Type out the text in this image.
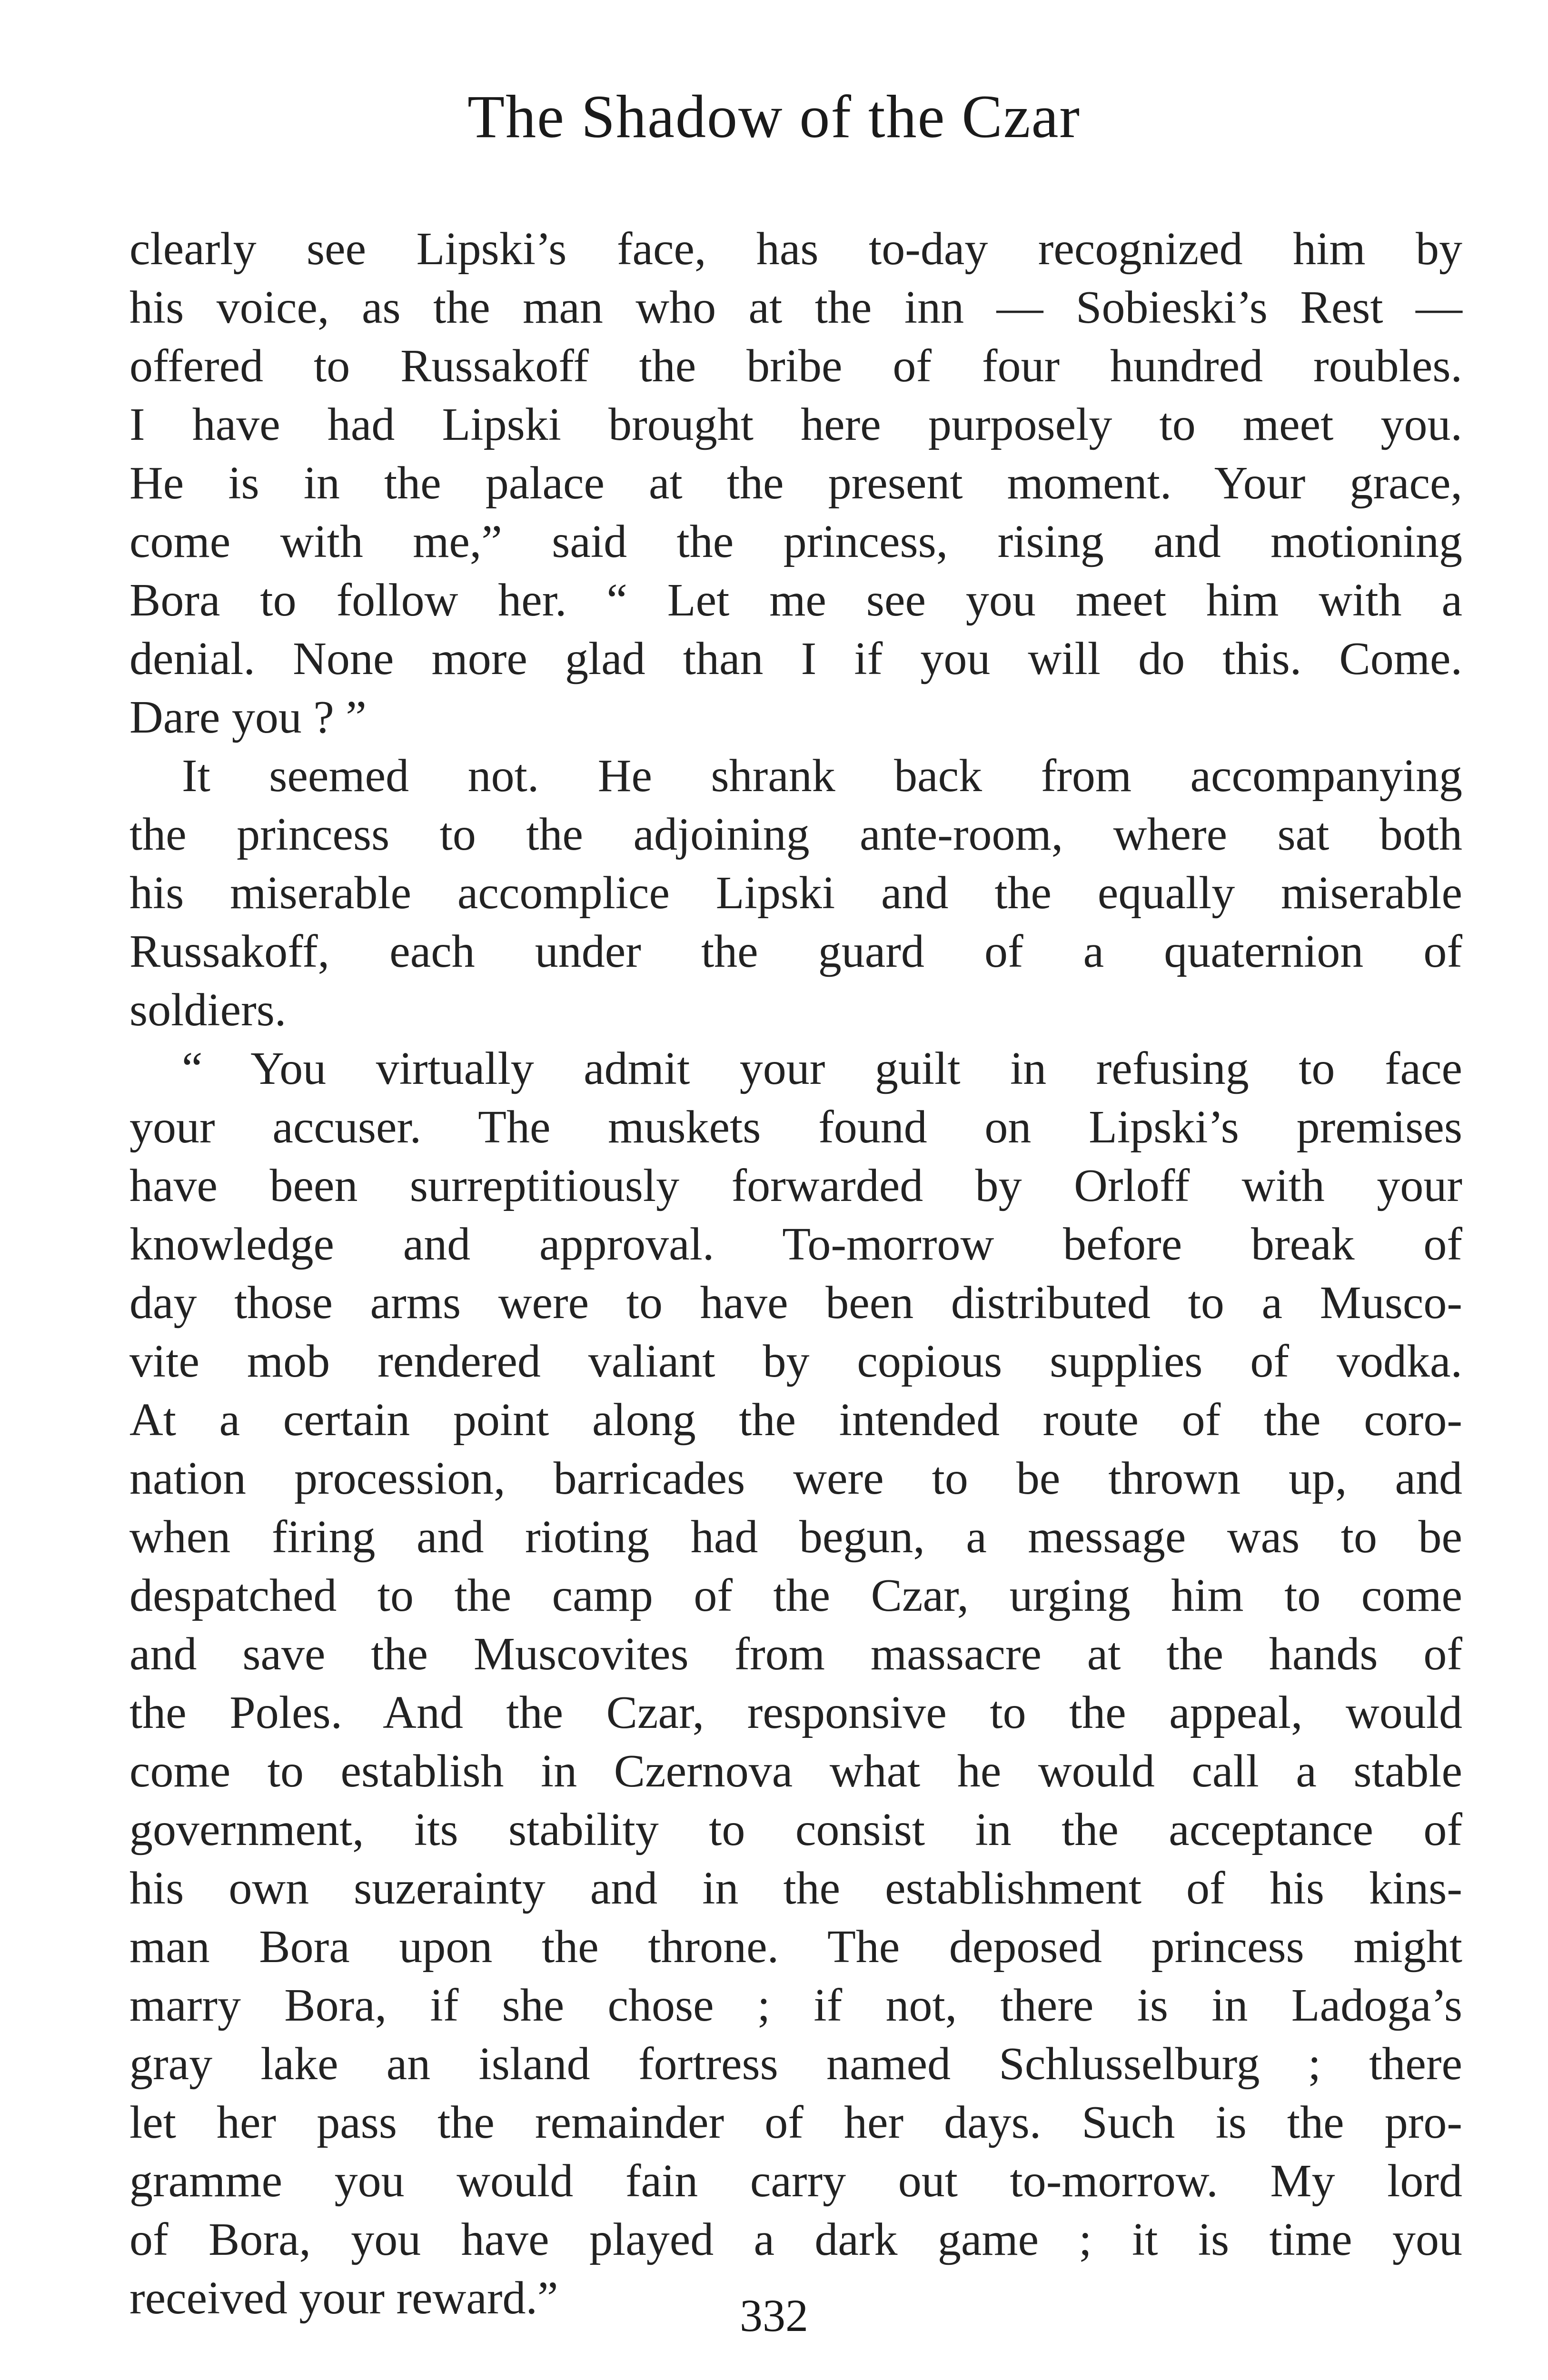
The Shadow of the Czar

clearly see Lipski’s face, has to-day recognized him by
his voice, as the man who at the inn — Sobieski’s Rest —
offered to Russakoff the bribe of four hundred roubles.
I have had Lipski brought here purposely to meet you.
He is in the palace at the present moment. Your grace,
come with me,” said the princess, rising and motioning
Bora to follow her. “ Let me see you meet him with a
denial. None more glad than I if you will do this. Come.
Dare you ? ”

It seemed not. He shrank back from accompanying
the princess to the adjoining ante-room, where sat both
his miserable accomplice Lipski and the equally miserable
Russakoff, each under the guard of a quaternion of
soldiers.

“ You virtually admit your guilt in refusing to face
your accuser. The muskets found on Lipski’s premises
have been surreptitiously forwarded by Orloff with your
knowledge and approval. To-morrow before break of
day those arms were to have been distributed to a Musco-
vite mob rendered valiant by copious supplies of vodka.
At a certain point along the intended route of the coro-
nation procession, barricades were to be thrown up, and
when firing and rioting had begun, a message was to be
despatched to the camp of the Czar, urging him to come
and save the Muscovites from massacre at the hands of
the Poles. And the Czar, responsive to the appeal, would
come to establish in Czernova what he would call a stable
government, its stability to consist in the acceptance of
his own suzerainty and in the establishment of his kins-
man Bora upon the throne. The deposed princess might
marry Bora, if she chose ; if not, there is in Ladoga’s
gray lake an island fortress named Schlusselburg ; there
let her pass the remainder of her days. Such is the pro-
gramme you would fain carry out to-morrow. My lord
of Bora, you have played a dark game ; it is time you
received your reward.”	332
